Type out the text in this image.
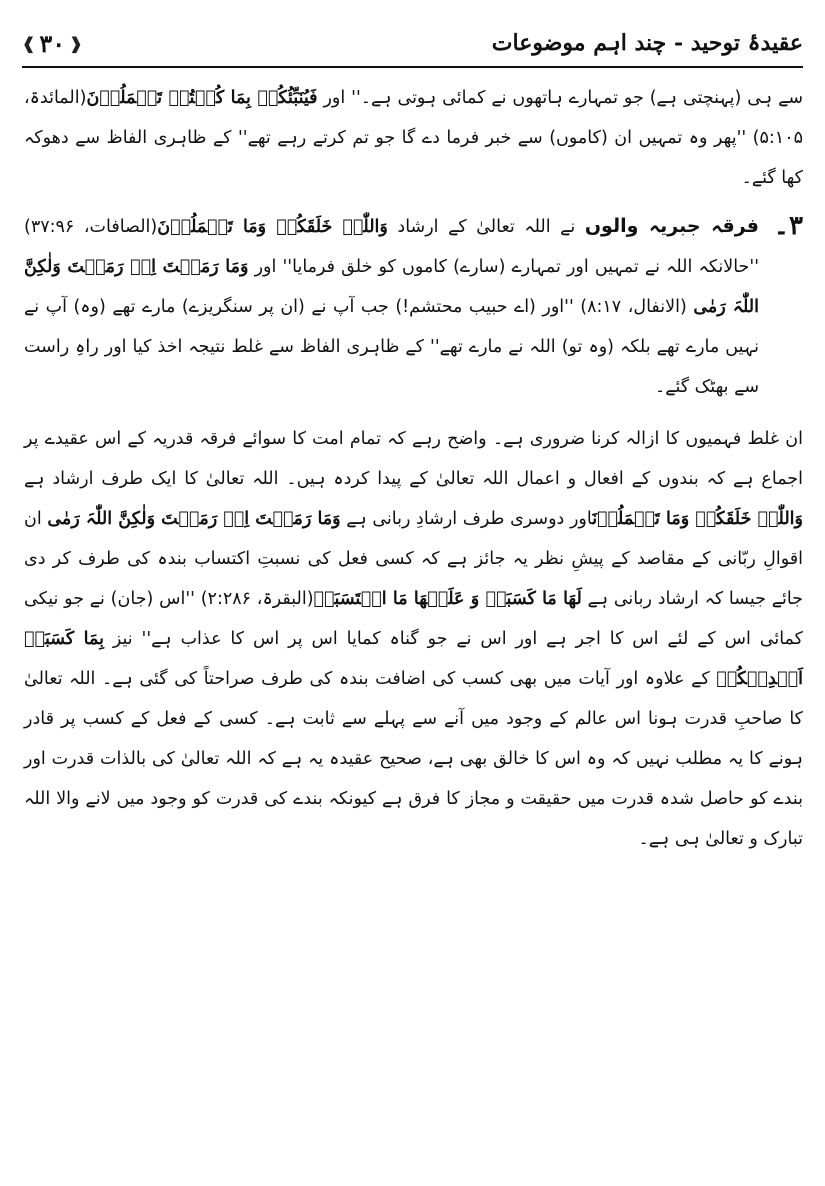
❰ ۳۰ ❱	عقیدۂ توحید - چند اہم موضوعات

سے ہی (پہنچتی ہے) جو تمہارے ہاتھوں نے کمائی ہوتی ہے۔'' اور فَیُنَبِّئُکُمۡ بِمَا کُنۡتُمۡ تَعۡمَلُوۡنَ(المائدۃ، ۵:۱۰۵) ''پھر وہ تمہیں ان (کاموں) سے خبر فرما دے گا جو تم کرتے رہے تھے'' کے ظاہری الفاظ سے دھوکہ کھا گئے۔

۳۔
فرقہ جبریہ والوں نے اللہ تعالیٰ کے ارشاد وَاللّٰہُ خَلَقَکُمۡ وَمَا تَعۡمَلُوۡنَ(الصافات، ۳۷:۹۶) ''حالانکہ اللہ نے تمہیں اور تمہارے (سارے) کاموں کو خلق فرمایا'' اور وَمَا رَمَیۡتَ اِذۡ رَمَیۡتَ وَلٰکِنَّ اللّٰہَ رَمٰی (الانفال، ۸:۱۷) ''اور (اے حبیب محتشم!) جب آپ نے (ان پر سنگریزے) مارے تھے (وہ) آپ نے نہیں مارے تھے بلکہ (وہ تو) اللہ نے مارے تھے'' کے ظاہری الفاظ سے غلط نتیجہ اخذ کیا اور راہِ راست سے بھٹک گئے۔

ان غلط فہمیوں کا ازالہ کرنا ضروری ہے۔ واضح رہے کہ تمام امت کا سوائے فرقہ قدریہ کے اس عقیدے پر اجماع ہے کہ بندوں کے افعال و اعمال اللہ تعالیٰ کے پیدا کردہ ہیں۔ اللہ تعالیٰ کا ایک طرف ارشاد ہے وَاللّٰہُ خَلَقَکُمۡ وَمَا تَعۡمَلُوۡنَاور دوسری طرف ارشادِ ربانی ہے وَمَا رَمَیۡتَ اِذۡ رَمَیۡتَ وَلٰکِنَّ اللّٰہَ رَمٰی ان اقوالِ ربّانی کے مقاصد کے پیشِ نظر یہ جائز ہے کہ کسی فعل کی نسبتِ اکتساب بندہ کی طرف کر دی جائے جیسا کہ ارشاد ربانی ہے لَھَا مَا کَسَبَتۡ وَ عَلَیۡھَا مَا اکۡتَسَبَتۡ(البقرۃ، ۲:۲۸۶) ''اس (جان) نے جو نیکی کمائی اس کے لئے اس کا اجر ہے اور اس نے جو گناہ کمایا اس پر اس کا عذاب ہے'' نیز بِمَا کَسَبَتۡ اَیۡدِیۡکُمۡ کے علاوہ اور آیات میں بھی کسب کی اضافت بندہ کی طرف صراحتاً کی گئی ہے۔ اللہ تعالیٰ کا صاحبِ قدرت ہونا اس عالم کے وجود میں آنے سے پہلے سے ثابت ہے۔ کسی کے فعل کے کسب پر قادر ہونے کا یہ مطلب نہیں کہ وہ اس کا خالق بھی ہے، صحیح عقیدہ یہ ہے کہ اللہ تعالیٰ کی بالذات قدرت اور بندے کو حاصل شدہ قدرت میں حقیقت و مجاز کا فرق ہے کیونکہ بندے کی قدرت کو وجود میں لانے والا اللہ تبارک و تعالیٰ ہی ہے۔
